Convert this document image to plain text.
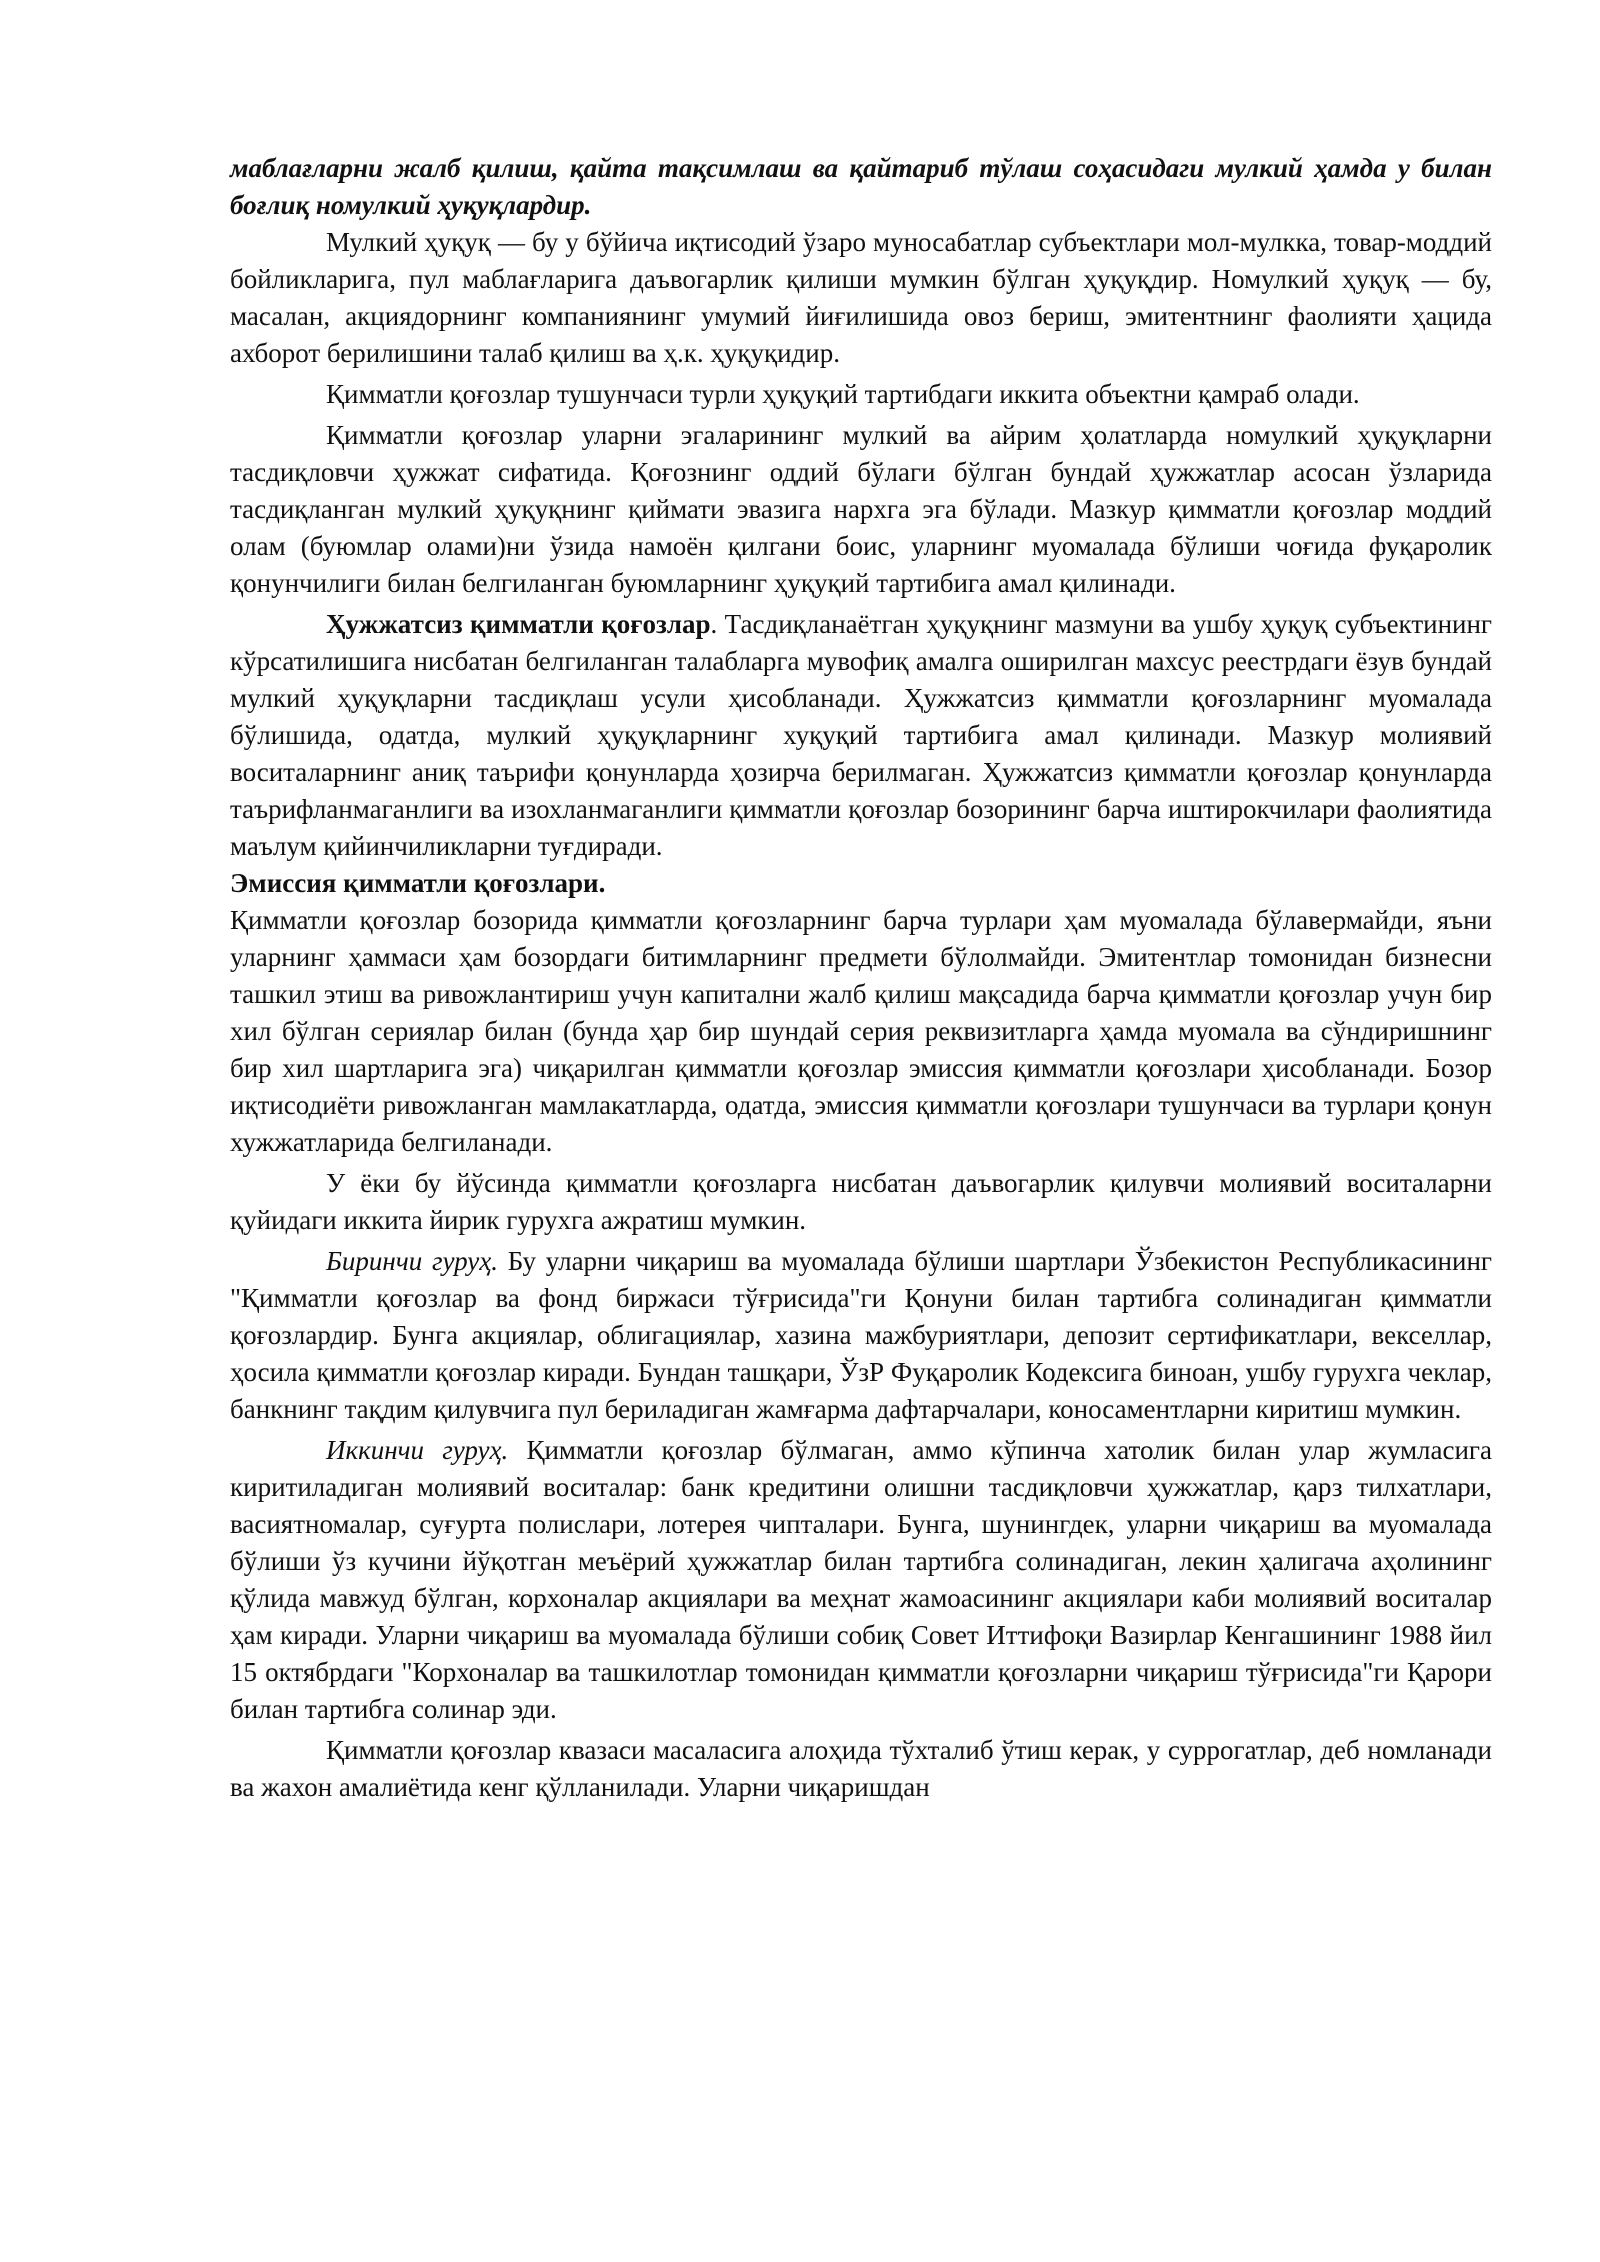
маблағларни жалб қилиш, қайта тақсимлаш ва қайтариб тўлаш соҳасидаги мулкий ҳамда у билан боғлиқ номулкий ҳуқуқлардир.

Мулкий ҳуқуқ — бу у бўйича иқтисодий ўзаро муносабатлар субъектлари мол-мулкка, товар-моддий бойликларига, пул маблағларига даъвогарлик қилиши мумкин бўлган ҳуқуқдир. Номулкий ҳуқуқ — бу, масалан, акциядорнинг компаниянинг умумий йиғилишида овоз бериш, эмитентнинг фаолияти ҳацида ахборот берилишини талаб қилиш ва ҳ.к. ҳуқуқидир.

Қимматли қоғозлар тушунчаси турли ҳуқуқий тартибдаги иккита объектни қамраб олади.

Қимматли қоғозлар уларни эгаларининг мулкий ва айрим ҳолатларда номулкий ҳуқуқларни тасдиқловчи ҳужжат сифатида. Қоғознинг оддий бўлаги бўлган бундай ҳужжатлар асосан ўзларида тасдиқланган мулкий ҳуқуқнинг қиймати эвазига нархга эга бўлади. Мазкур қимматли қоғозлар моддий олам (буюмлар олами)ни ўзида намоён қилгани боис, уларнинг муомалада бўлиши чоғида фуқаролик қонунчилиги билан белгиланган буюмларнинг ҳуқуқий тартибига амал қилинади.

Ҳужжатсиз қимматли қоғозлар. Тасдиқланаётган ҳуқуқнинг мазмуни ва ушбу ҳуқуқ субъектининг кўрсатилишига нисбатан белгиланган талабларга мувофиқ амалга оширилган махсус реестрдаги ёзув бундай мулкий ҳуқуқларни тасдиқлаш усули ҳисобланади. Ҳужжатсиз қимматли қоғозларнинг муомалада бўлишида, одатда, мулкий ҳуқуқларнинг хуқуқий тартибига амал қилинади. Мазкур молиявий воситаларнинг аниқ таърифи қонунларда ҳозирча берилмаган. Ҳужжатсиз қимматли қоғозлар қонунларда таърифланмаганлиги ва изохланмаганлиги қимматли қоғозлар бозорининг барча иштирокчилари фаолиятида маълум қийинчиликларни туғдиради.

Эмиссия қимматли қоғозлари.

Қимматли қоғозлар бозорида қимматли қоғозларнинг барча турлари ҳам муомалада бўлавермайди, яъни уларнинг ҳаммаси ҳам бозордаги битимларнинг предмети бўлолмайди. Эмитентлар томонидан бизнесни ташкил этиш ва ривожлантириш учун капитални жалб қилиш мақсадида барча қимматли қоғозлар учун бир хил бўлган сериялар билан (бунда ҳар бир шундай серия реквизитларга ҳамда муомала ва сўндиришнинг бир хил шартларига эга) чиқарилган қимматли қоғозлар эмиссия қимматли қоғозлари ҳисобланади. Бозор иқтисодиёти ривожланган мамлакатларда, одатда, эмиссия қимматли қоғозлари тушунчаси ва турлари қонун хужжатларида белгиланади.

У ёки бу йўсинда қимматли қоғозларга нисбатан даъвогарлик қилувчи молиявий воситаларни қуйидаги иккита йирик гурухга ажратиш мумкин.

Биринчи гуруҳ. Бу уларни чиқариш ва муомалада бўлиши шартлари Ўзбекистон Республикасининг "Қимматли қоғозлар ва фонд биржаси тўғрисида"ги Қонуни билан тартибга солинадиган қимматли қоғозлардир. Бунга акциялар, облигациялар, хазина мажбуриятлари, депозит сертификатлари, векселлар, ҳосила қимматли қоғозлар киради. Бундан ташқари, ЎзР Фуқаролик Кодексига биноан, ушбу гурухга чеклар, банкнинг тақдим қилувчига пул бериладиган жамғарма дафтарчалари, коносаментларни киритиш мумкин.

Иккинчи гуруҳ. Қимматли қоғозлар бўлмаган, аммо кўпинча хатолик билан улар жумласига киритиладиган молиявий воситалар: банк кредитини олишни тасдиқловчи ҳужжатлар, қарз тилхатлари, васиятномалар, суғурта полислари, лотерея чипталари. Бунга, шунингдек, уларни чиқариш ва муомалада бўлиши ўз кучини йўқотган меъёрий ҳужжатлар билан тартибга солинадиган, лекин ҳалигача аҳолининг қўлида мавжуд бўлган, корхоналар акциялари ва меҳнат жамоасининг акциялари каби молиявий воситалар ҳам киради. Уларни чиқариш ва муомалада бўлиши собиқ Совет Иттифоқи Вазирлар Кенгашининг 1988 йил 15 октябрдаги "Корхоналар ва ташкилотлар томонидан қимматли қоғозларни чиқариш тўғрисида"ги Қарори билан тартибга солинар эди.

Қимматли қоғозлар квазаси масаласига алоҳида тўхталиб ўтиш керак, у суррогатлар, деб номланади ва жахон амалиётида кенг қўлланилади. Уларни чиқаришдан
